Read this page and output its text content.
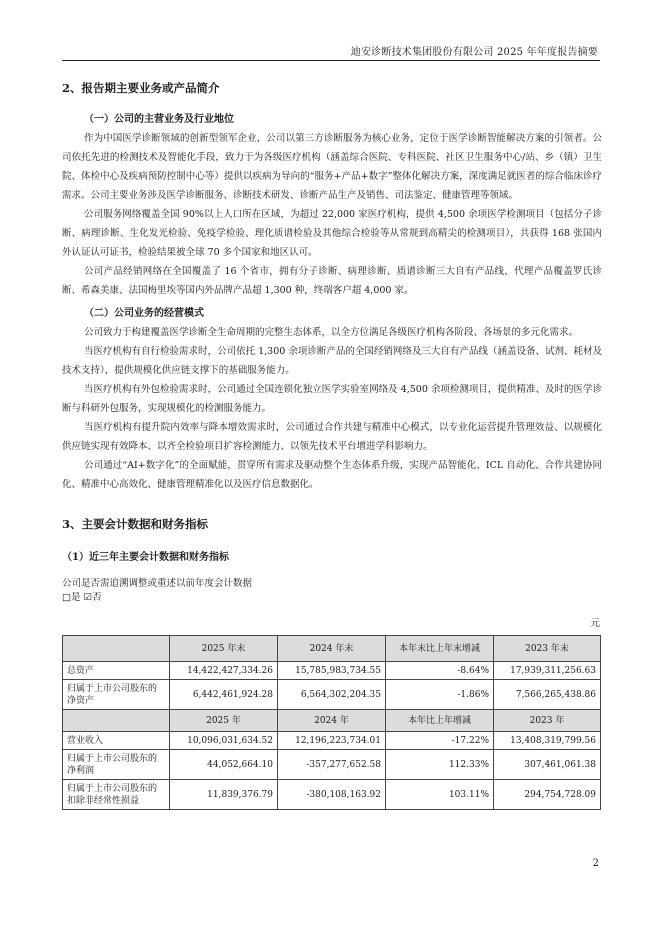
迪安诊断技术集团股份有限公司 2025 年年度报告摘要

2、报告期主要业务或产品简介

（一）公司的主营业务及行业地位

作为中国医学诊断领域的创新型领军企业，公司以第三方诊断服务为核心业务，定位于医学诊断智能解决方案的引领者。公司依托先进的检测技术及智能化手段，致力于为各级医疗机构（涵盖综合医院、专科医院、社区卫生服务中心/站、乡（镇）卫生院、体检中心及疾病预防控制中心等）提供以疾病为导向的“服务+产品+数字”整体化解决方案，深度满足就医者的综合临床诊疗需求。公司主要业务涉及医学诊断服务、诊断技术研发、诊断产品生产及销售、司法鉴定、健康管理等领域。

公司服务网络覆盖全国 90%以上人口所在区域，为超过 22,000 家医疗机构，提供 4,500 余项医学检测项目（包括分子诊断、病理诊断、生化发光检验、免疫学检验、理化质谱检验及其他综合检验等从常规到高精尖的检测项目），共获得 168 张国内外认证认可证书，检验结果被全球 70 多个国家和地区认可。

公司产品经销网络在全国覆盖了 16 个省市，拥有分子诊断、病理诊断、质谱诊断三大自有产品线，代理产品覆盖罗氏诊断、希森美康、法国梅里埃等国内外品牌产品超 1,300 种，终端客户超 4,000 家。

（二）公司业务的经营模式

公司致力于构建覆盖医学诊断全生命周期的完整生态体系，以全方位满足各级医疗机构各阶段、各场景的多元化需求。

当医疗机构有自行检验需求时，公司依托 1,300 余项诊断产品的全国经销网络及三大自有产品线（涵盖设备、试剂、耗材及技术支持），提供规模化供应链支撑下的基础服务能力。

当医疗机构有外包检验需求时，公司通过全国连锁化独立医学实验室网络及 4,500 余项检测项目，提供精准、及时的医学诊断与科研外包服务，实现规模化的检测服务能力。

当医疗机构有提升院内效率与降本增效需求时，公司通过合作共建与精准中心模式，以专业化运营提升管理效益、以规模化供应链实现有效降本、以齐全检验项目扩容检测能力、以领先技术平台增进学科影响力。

公司通过“AI+数字化”的全面赋能，贯穿所有需求及驱动整个生态体系升级，实现产品智能化、ICL 自动化、合作共建协同化、精准中心高效化、健康管理精准化以及医疗信息数据化。

3、主要会计数据和财务指标

（1）近三年主要会计数据和财务指标

公司是否需追溯调整或重述以前年度会计数据

□是 ☑否

元

	2025 年末	2024 年末	本年末比上年末增减	2023 年末
总资产	14,422,427,334.26	15,785,983,734.55	-8.64%	17,939,311,256.63
归属于上市公司股东的净资产	6,442,461,924.28	6,564,302,204.35	-1.86%	7,566,265,438.86
	2025 年	2024 年	本年比上年增减	2023 年
营业收入	10,096,031,634.52	12,196,223,734.01	-17.22%	13,408,319,799.56
归属于上市公司股东的净利润	44,052,664.10	-357,277,652.58	112.33%	307,461,061.38
归属于上市公司股东的扣除非经常性损益	11,839,376.79	-380,108,163.92	103.11%	294,754,728.09
2
